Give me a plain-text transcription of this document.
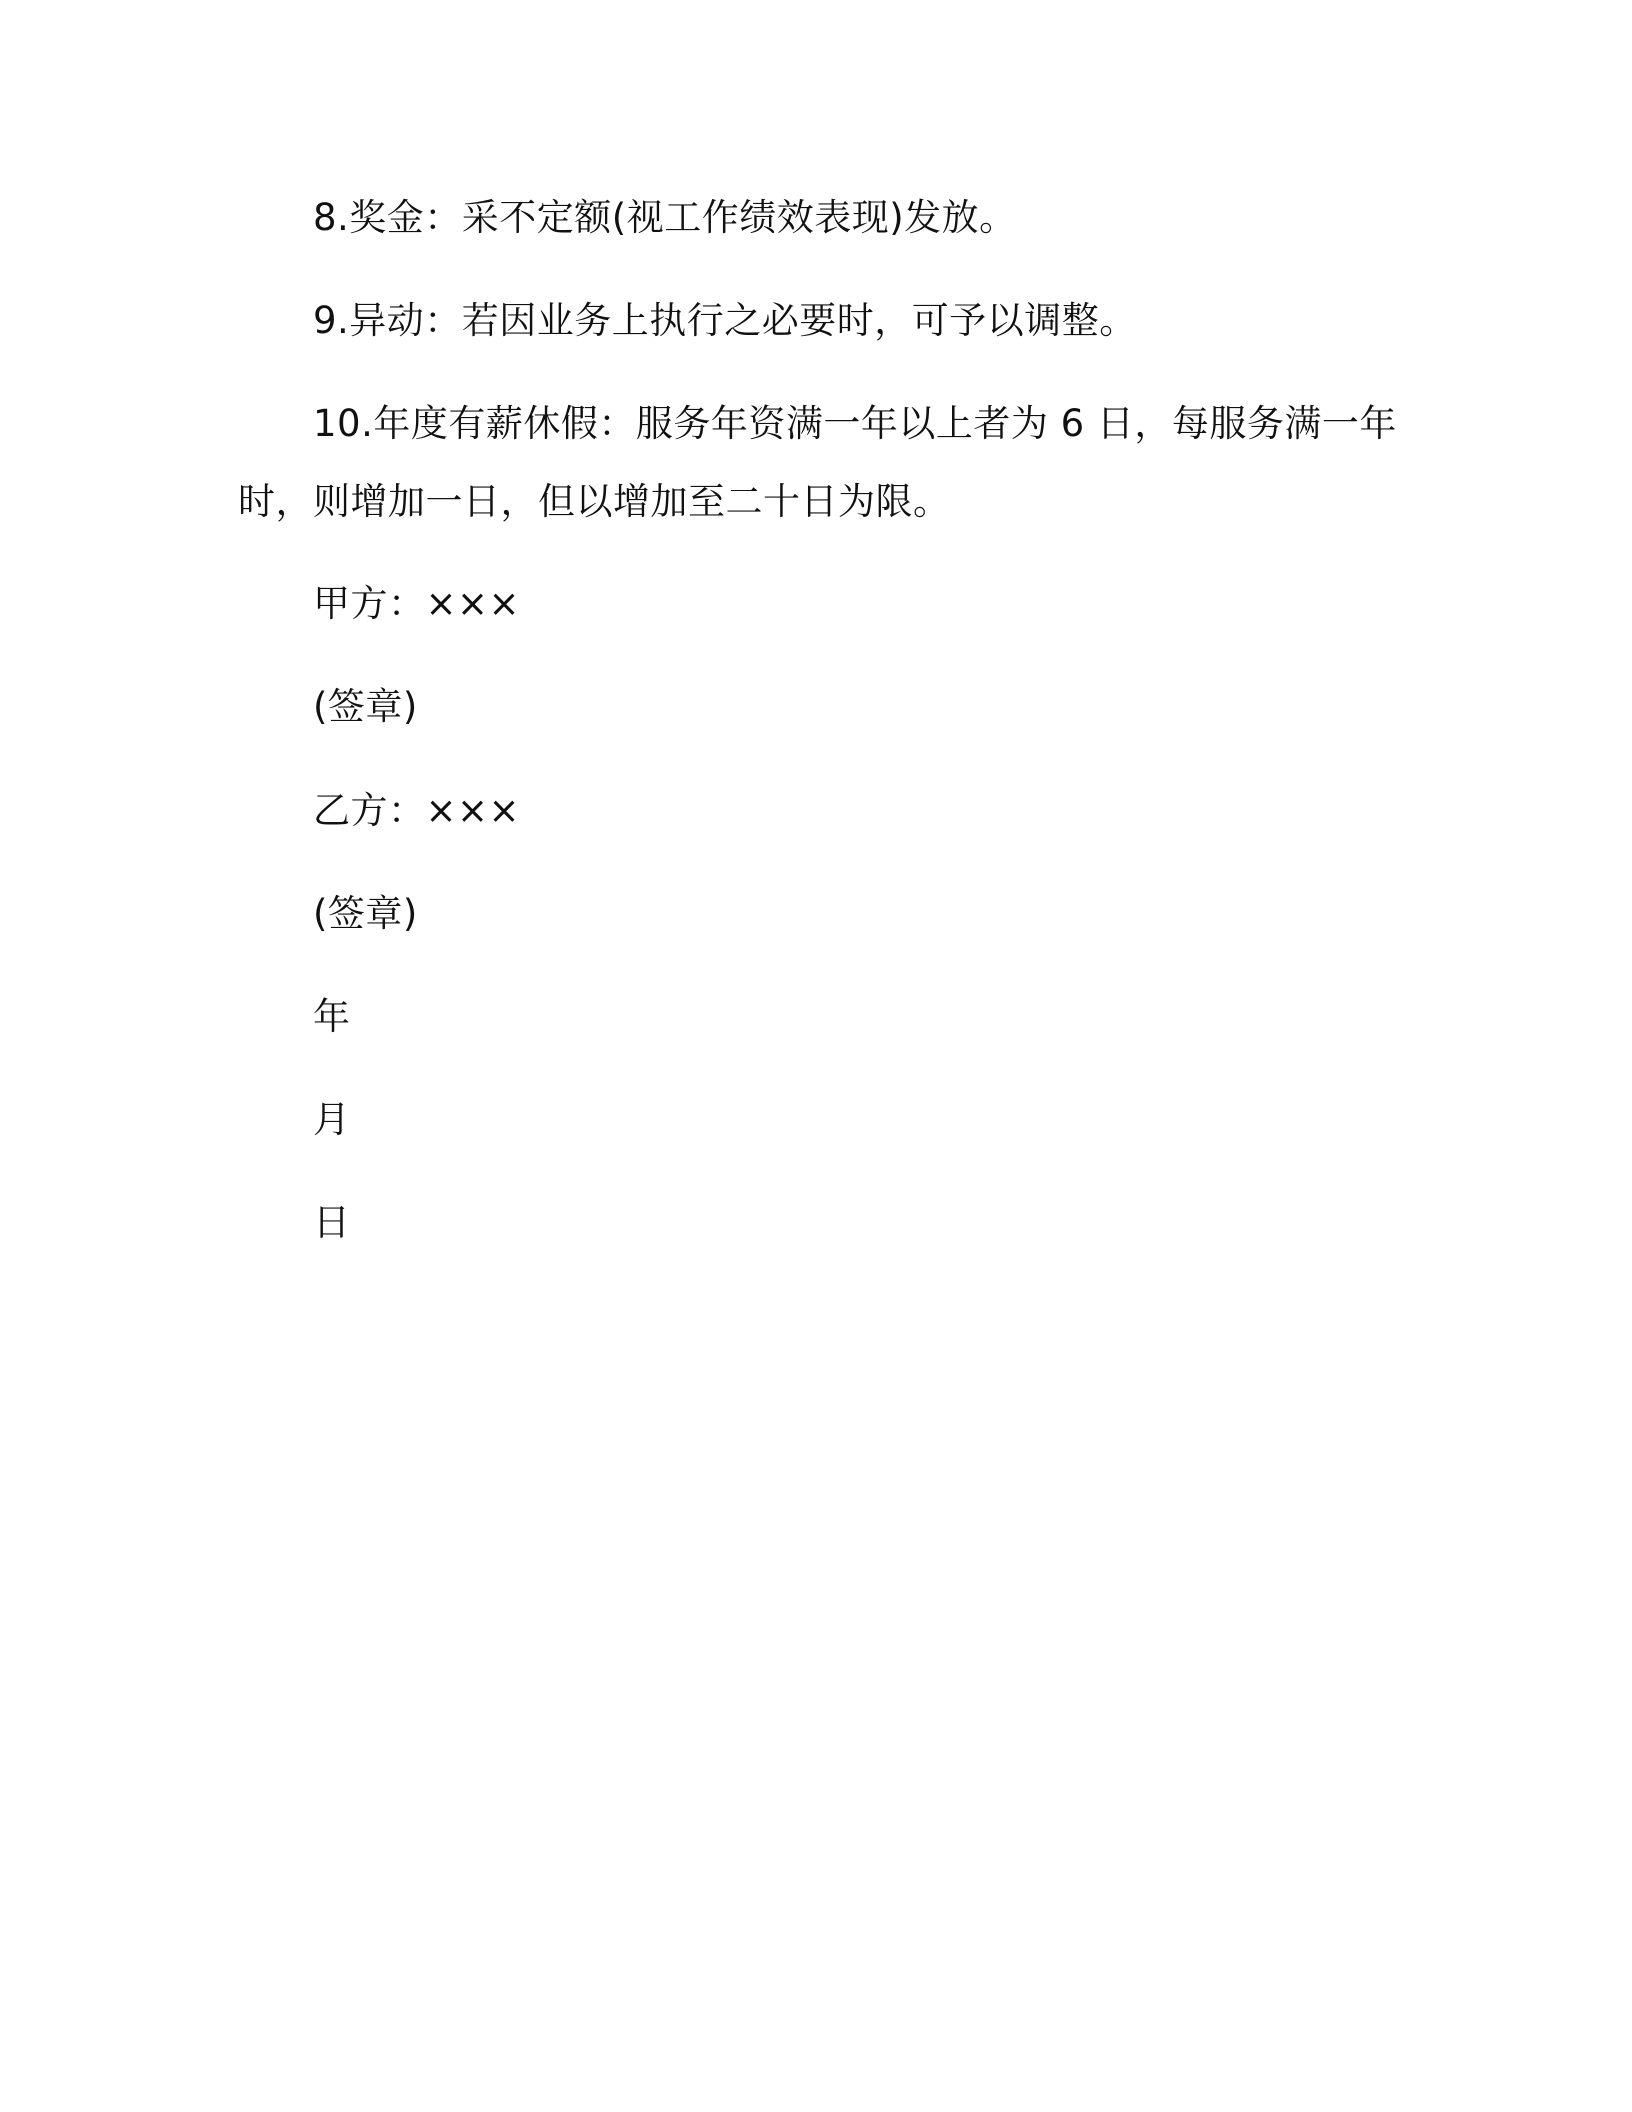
8.奖金：采不定额(视工作绩效表现)发放。
9.异动：若因业务上执行之必要时，可予以调整。
10.年度有薪休假：服务年资满一年以上者为 6 日，每服务满一年
时，则增加一日，但以增加至二十日为限。
甲方：×××
(签章)
乙方：×××
(签章)
年
月
日
